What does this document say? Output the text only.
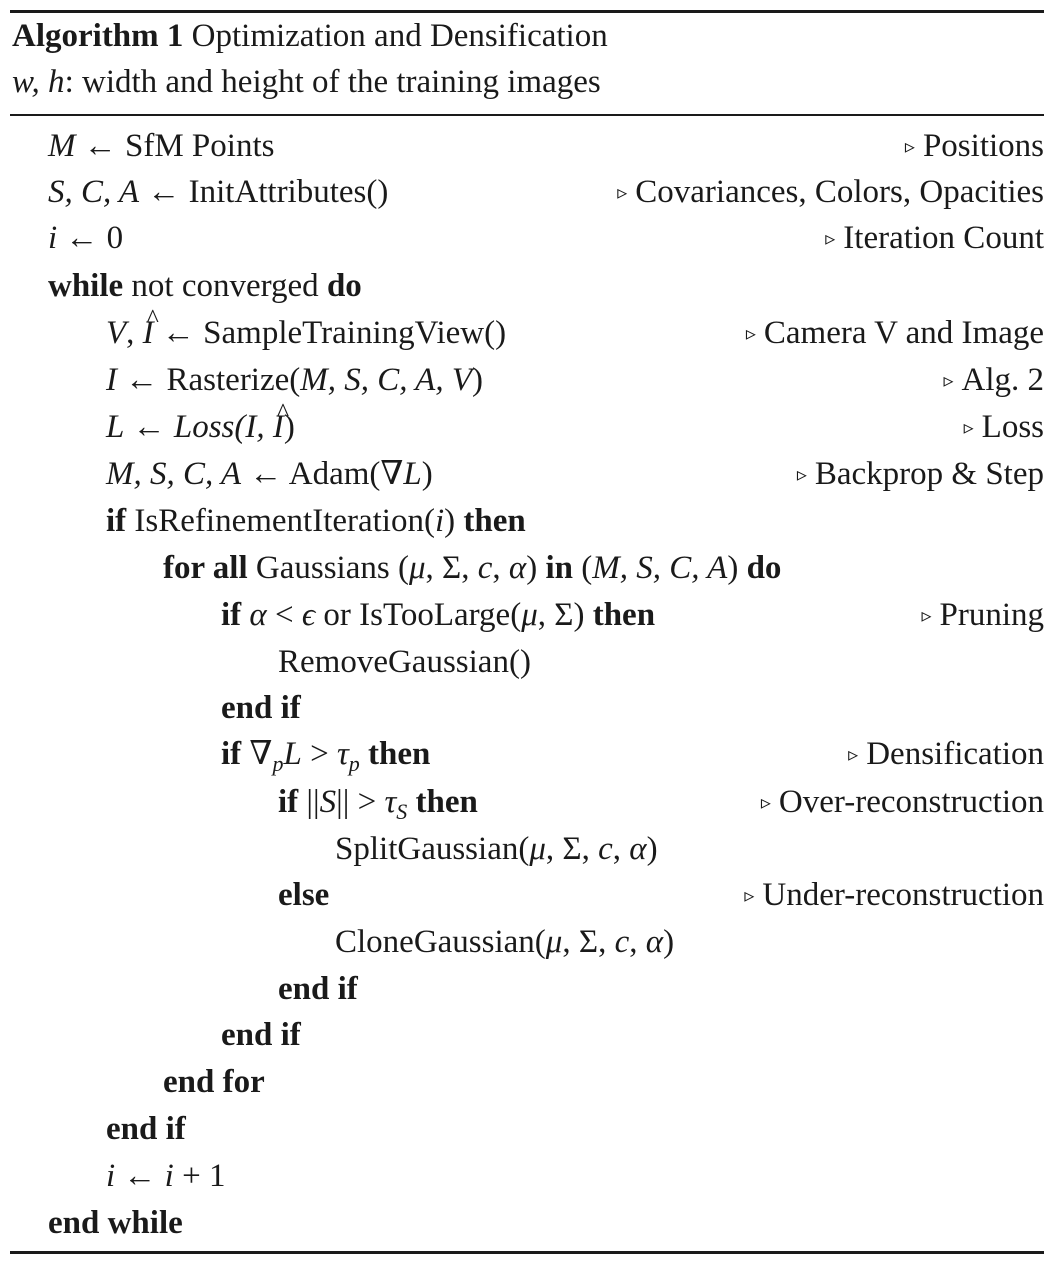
Algorithm 1 Optimization and Densification
w, h: width and height of the training images
M ← SfM Points	▹ Positions
S, C, A ← InitAttributes()	▹ Covariances, Colors, Opacities
i ← 0	▹ Iteration Count
while not converged do
V, I ^ ← SampleTrainingView()	▹ Camera V and Image
I ← Rasterize(M, S, C, A, V)	▹ Alg. 2
L ← Loss(I, I ^)	▹ Loss
M, S, C, A ← Adam(∇L)	▹ Backprop & Step
if IsRefinementIteration(i) then
for all Gaussians (μ, Σ, c, α) in (M, S, C, A) do
if α < ϵ or IsTooLarge(μ, Σ) then	▹ Pruning
RemoveGaussian()
end if
if $\nabla_pL > \tau_p$ then	▹ Densification
if $||S|| > \tau_S$ then	▹ Over-reconstruction
SplitGaussian(μ, Σ, c, α)
else	▹ Under-reconstruction
CloneGaussian(μ, Σ, c, α)
end if
end if
end for
end if
i ← i + 1
end while
